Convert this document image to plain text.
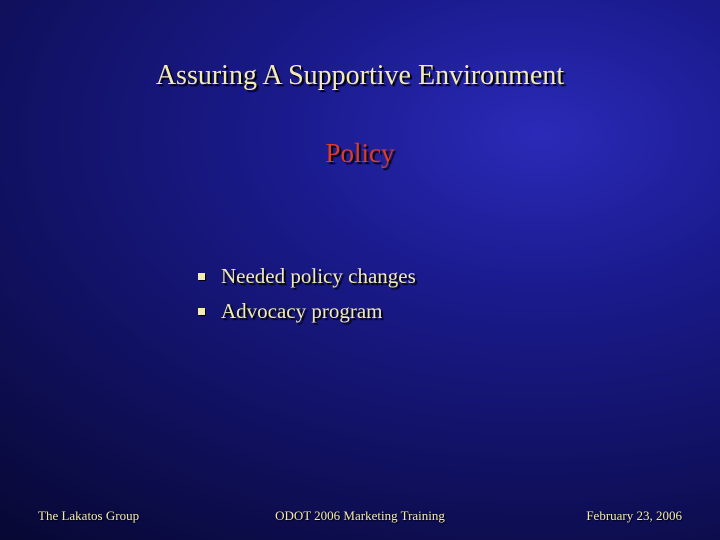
Assuring A Supportive Environment
Policy
Needed policy changes
Advocacy program
The Lakatos Group	ODOT 2006 Marketing Training	February 23, 2006
